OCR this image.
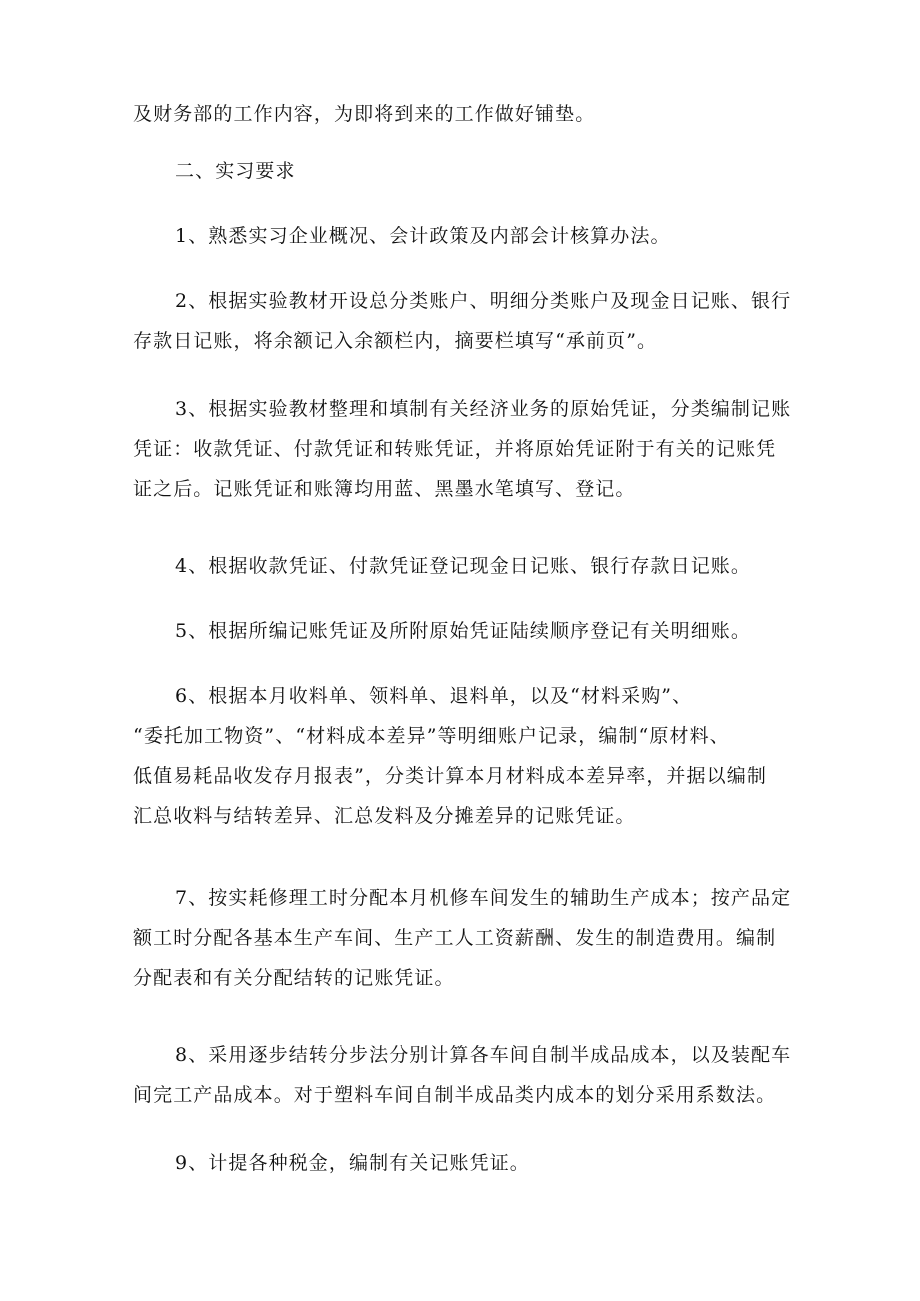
及财务部的工作内容，为即将到来的工作做好铺垫。
二、实习要求
1、熟悉实习企业概况、会计政策及内部会计核算办法。
2、根据实验教材开设总分类账户、明细分类账户及现金日记账、银行
存款日记账，将余额记入余额栏内，摘要栏填写“承前页”。
3、根据实验教材整理和填制有关经济业务的原始凭证，分类编制记账
凭证：收款凭证、付款凭证和转账凭证，并将原始凭证附于有关的记账凭
证之后。记账凭证和账簿均用蓝、黑墨水笔填写、登记。
4、根据收款凭证、付款凭证登记现金日记账、银行存款日记账。
5、根据所编记账凭证及所附原始凭证陆续顺序登记有关明细账。
6、根据本月收料单、领料单、退料单，以及“材料采购”、
“委托加工物资”、“材料成本差异”等明细账户记录，编制“原材料、
低值易耗品收发存月报表”，分类计算本月材料成本差异率，并据以编制
汇总收料与结转差异、汇总发料及分摊差异的记账凭证。
7、按实耗修理工时分配本月机修车间发生的辅助生产成本；按产品定
额工时分配各基本生产车间、生产工人工资薪酬、发生的制造费用。编制
分配表和有关分配结转的记账凭证。
8、采用逐步结转分步法分别计算各车间自制半成品成本，以及装配车
间完工产品成本。对于塑料车间自制半成品类内成本的划分采用系数法。
9、计提各种税金，编制有关记账凭证。
